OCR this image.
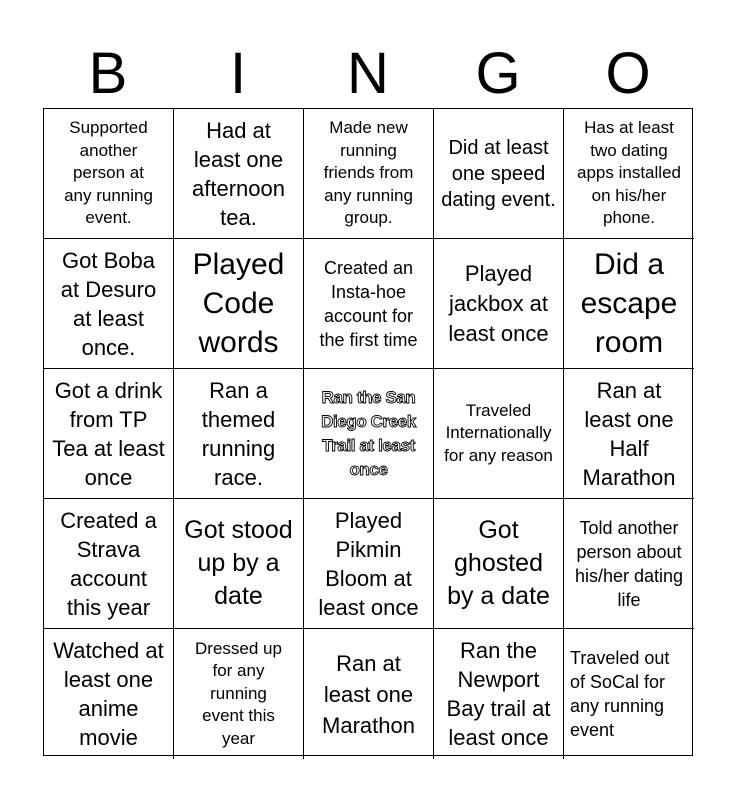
B	I	N	G	O
Supported another person at any running event.
Had at least one afternoon tea.
Made new running friends from any running group.
Did at least one speed dating event.
Has at least two dating apps installed on his/her phone.
Got Boba at Desuro at least once.
Played Code words
Created an Insta-hoe account for the first time
Played jackbox at least once
Did a escape room
Got a drink from TP Tea at least once
Ran a themed running race.
Ran the San Diego Creek Trail at least once
Traveled Internationally for any reason
Ran at least one Half Marathon
Created a Strava account this year
Got stood up by a date
Played Pikmin Bloom at least once
Got ghosted by a date
Told another person about his/her dating life
Watched at least one anime movie
Dressed up for any running event this year
Ran at least one Marathon
Ran the Newport Bay trail at least once
Traveled out of SoCal for any running event
